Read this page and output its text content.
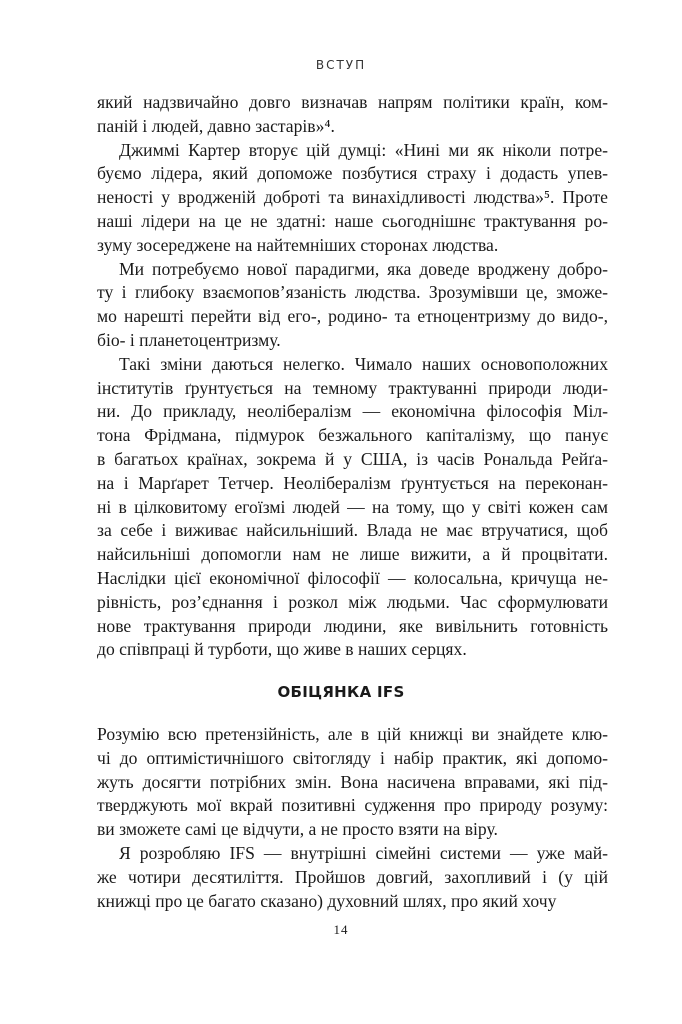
ВСТУП
який надзвичайно довго визначав напрям політики країн, ком-
паній і людей, давно застарів»⁴.
Джиммі Картер вторує цій думці: «Нині ми як ніколи потре-
буємо лідера, який допоможе позбутися страху і додасть упев-
неності у вродженій доброті та винахідливості людства»⁵. Проте
наші лідери на це не здатні: наше сьогоднішнє трактування ро-
зуму зосереджене на найтемніших сторонах людства.
Ми потребуємо нової парадигми, яка доведе вроджену добро-
ту і глибоку взаємопов’язаність людства. Зрозумівши це, зможе-
мо нарешті перейти від его-, родино- та етноцентризму до видо-,
біо- і планетоцентризму.
Такі зміни даються нелегко. Чимало наших основоположних
інститутів ґрунтується на темному трактуванні природи люди-
ни. До прикладу, неолібералізм — економічна філософія Міл-
тона Фрідмана, підмурок безжального капіталізму, що панує
в багатьох країнах, зокрема й у США, із часів Рональда Рейґа-
на і Марґарет Тетчер. Неолібералізм ґрунтується на переконан-
ні в цілковитому егоїзмі людей — на тому, що у світі кожен сам
за себе і виживає найсильніший. Влада не має втручатися, щоб
найсильніші допомогли нам не лише вижити, а й процвітати.
Наслідки цієї економічної філософії — колосальна, кричуща не-
рівність, роз’єднання і розкол між людьми. Час сформулювати
нове трактування природи людини, яке вивільнить готовність
до співпраці й турботи, що живе в наших серцях.
ОБІЦЯНКА IFS
Розумію всю претензійність, але в цій книжці ви знайдете клю-
чі до оптимістичнішого світогляду і набір практик, які допомо-
жуть досягти потрібних змін. Вона насичена вправами, які під-
тверджують мої вкрай позитивні судження про природу розуму:
ви зможете самі це відчути, а не просто взяти на віру.
Я розробляю IFS — внутрішні сімейні системи — уже май-
же чотири десятиліття. Пройшов довгий, захопливий і (у цій
книжці про це багато сказано) духовний шлях, про який хочу
14
